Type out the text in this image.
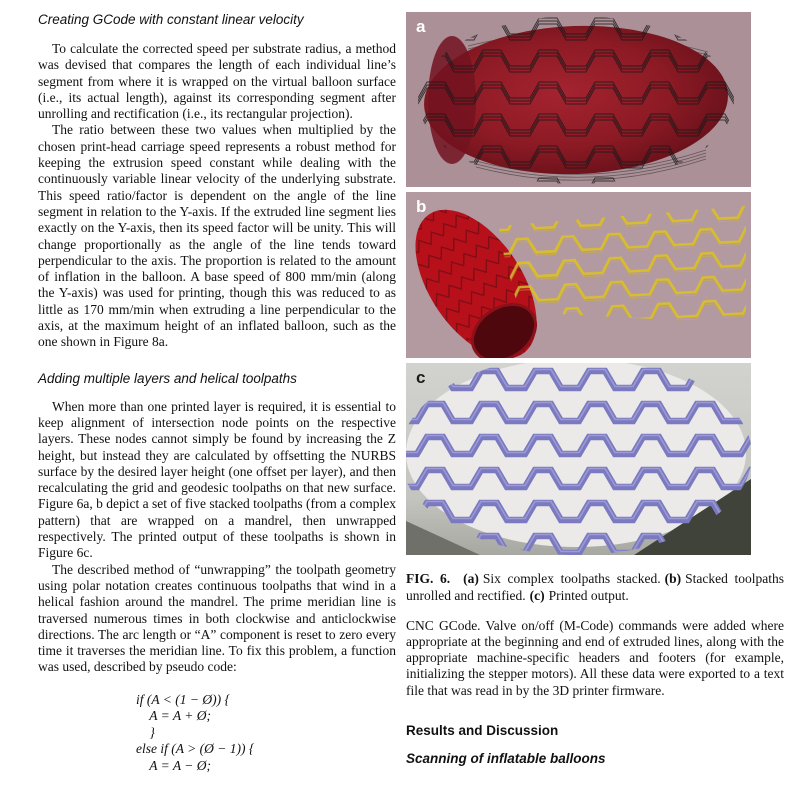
Creating GCode with constant linear velocity

To calculate the corrected speed per substrate radius, a method was devised that compares the length of each individual line’s segment from where it is wrapped on the virtual balloon surface (i.e., its actual length), against its corresponding segment after unrolling and rectification (i.e., its rectangular projection).

The ratio between these two values when multiplied by the chosen print-head carriage speed represents a robust method for keeping the extrusion speed constant while dealing with the continuously variable linear velocity of the underlying substrate. This speed ratio/factor is dependent on the angle of the line segment in relation to the Y-axis. If the extruded line segment lies exactly on the Y-axis, then its speed factor will be unity. This will change proportionally as the angle of the line tends toward perpendicular to the axis. The proportion is related to the amount of inflation in the balloon. A base speed of 800 mm/min (along the Y-axis) was used for printing, though this was reduced to as little as 170 mm/min when extruding a line perpendicular to the axis, at the maximum height of an inflated balloon, such as the one shown in Figure 8a.

Adding multiple layers and helical toolpaths

When more than one printed layer is required, it is essential to keep alignment of intersection node points on the respective layers. These nodes cannot simply be found by increasing the Z height, but instead they are calculated by offsetting the NURBS surface by the desired layer height (one offset per layer), and then recalculating the grid and geodesic toolpaths on that new surface. Figure 6a, b depict a set of five stacked toolpaths (from a complex pattern) that are wrapped on a mandrel, then unwrapped respectively. The printed output of these toolpaths is shown in Figure 6c.

The described method of “unwrapping” the toolpath geometry using polar notation creates continuous toolpaths that wind in a helical fashion around the mandrel. The prime meridian line is traversed numerous times in both clockwise and anticlockwise directions. The arc length or “A” component is reset to zero every time it traverses the meridian line. To fix this problem, a function was used, described by pseudo code:

if (A < (1 − Ø)) {
A = A + Ø;
}
else if (A > (Ø − 1)) {
A = A − Ø;
a
b
c

FIG. 6. (a) Six complex toolpaths stacked. (b) Stacked toolpaths unrolled and rectified. (c) Printed output.

CNC GCode. Valve on/off (M-Code) commands were added where appropriate at the beginning and end of extruded lines, along with the appropriate machine-specific headers and footers (for example, initializing the stepper motors). All these data were exported to a text file that was read in by the 3D printer firmware.

Results and Discussion
Scanning of inflatable balloons
